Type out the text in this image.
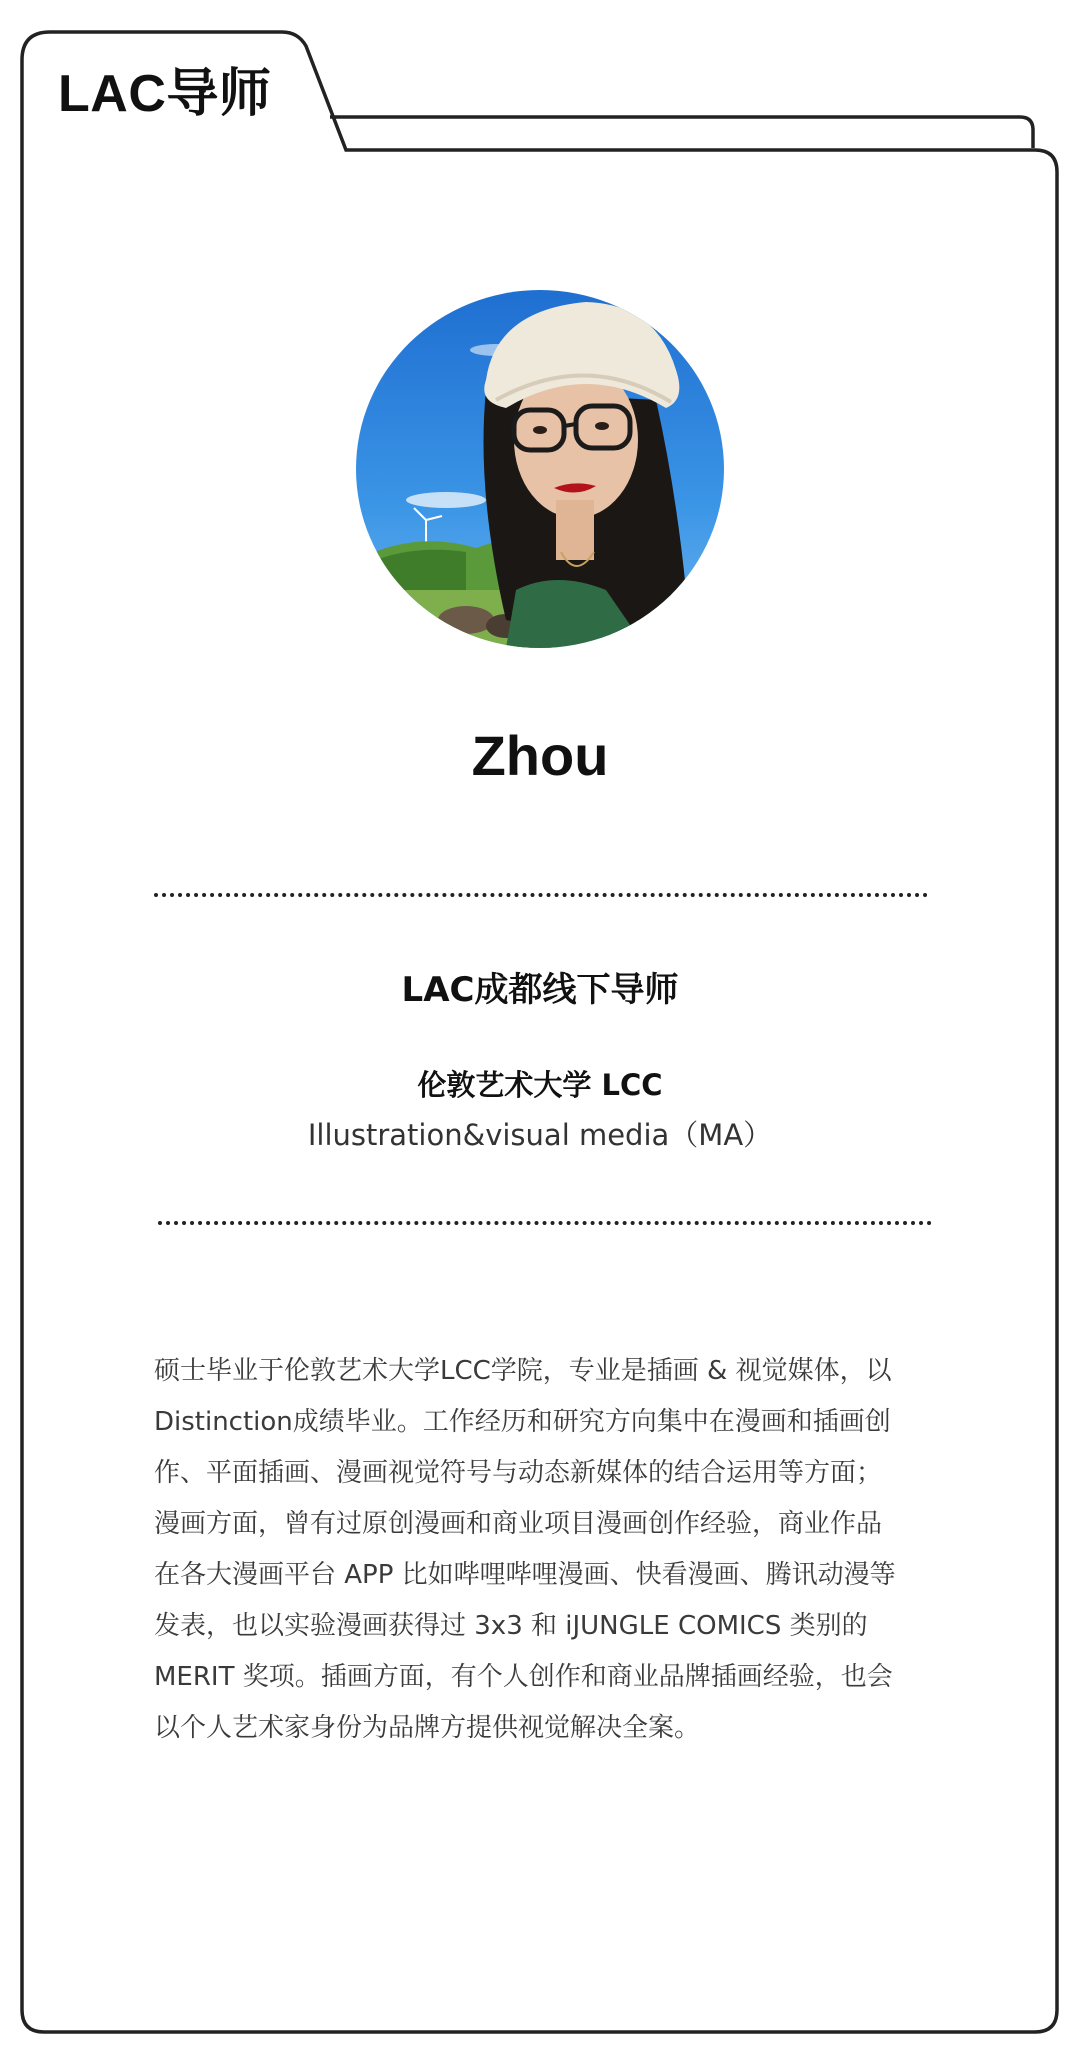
LAC导师
Zhou
LAC成都线下导师
伦敦艺术大学 LCC
Illustration&visual media（MA）
硕士毕业于伦敦艺术大学LCC学院，专业是插画 & 视觉媒体，以
Distinction成绩毕业。工作经历和研究方向集中在漫画和插画创
作、平面插画、漫画视觉符号与动态新媒体的结合运用等方面；
漫画方面，曾有过原创漫画和商业项目漫画创作经验，商业作品
在各大漫画平台 APP 比如哔哩哔哩漫画、快看漫画、腾讯动漫等
发表，也以实验漫画获得过 3x3 和 iJUNGLE COMICS 类别的
MERIT 奖项。插画方面，有个人创作和商业品牌插画经验，也会
以个人艺术家身份为品牌方提供视觉解决全案。
